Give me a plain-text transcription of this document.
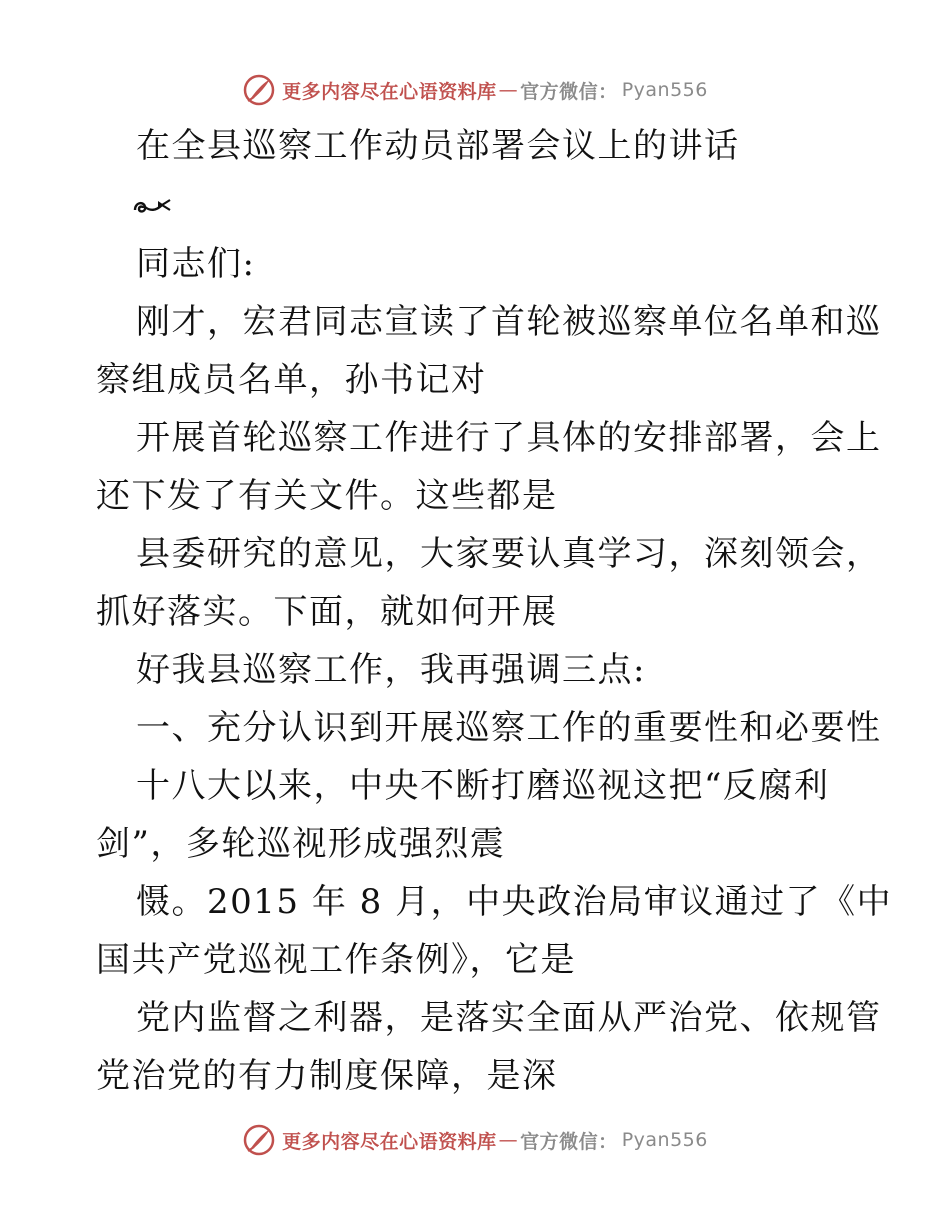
更多内容尽在心语资料库 — 官方微信： Pyan556
在全县巡察工作动员部署会议上的讲话
同志们:
刚才，宏君同志宣读了首轮被巡察单位名单和巡
察组成员名单，孙书记对
开展首轮巡察工作进行了具体的安排部署，会上
还下发了有关文件。这些都是
县委研究的意见，大家要认真学习，深刻领会，
抓好落实。下面，就如何开展
好我县巡察工作，我再强调三点:
一、充分认识到开展巡察工作的重要性和必要性
十八大以来，中央不断打磨巡视这把“反腐利
剑”，多轮巡视形成强烈震
慑。2015 年 8 月，中央政治局审议通过了《中
国共产党巡视工作条例》，它是
党内监督之利器，是落实全面从严治党、依规管
党治党的有力制度保障，是深
更多内容尽在心语资料库 — 官方微信： Pyan556
